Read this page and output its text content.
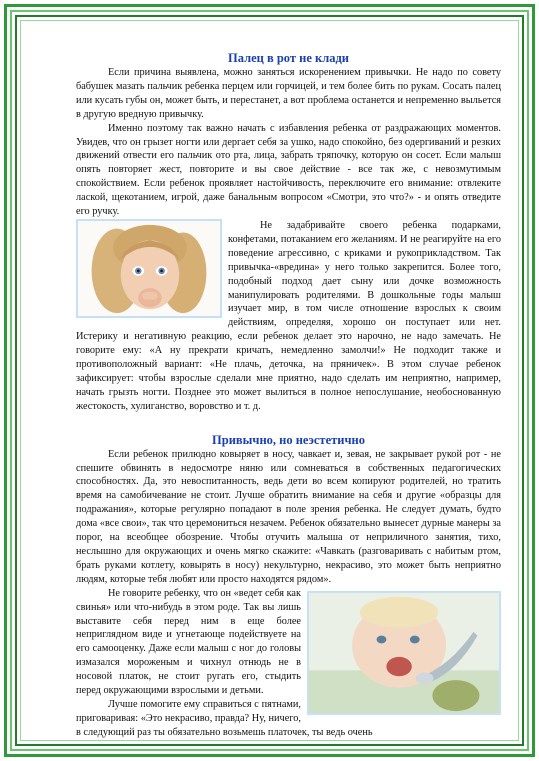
Палец в рот не клади

Если причина выявлена, можно заняться искоренением привычки. Не надо по совету бабушек мазать пальчик ребенка перцем или горчицей, и тем более бить по рукам. Сосать палец или кусать губы он, может быть, и перестанет, а вот проблема останется и непременно выльется в другую вредную привычку.

Именно поэтому так важно начать с избавления ребенка от раздражающих моментов. Увидев, что он грызет ногти или дергает себя за ушко, надо спокойно, без одергиваний и резких движений отвести его пальчик ото рта, лица, забрать тряпочку, которую он сосет. Если малыш опять повторяет жест, повторите и вы свое действие - все так же, с невозмутимым спокойствием. Если ребенок проявляет настойчивость, переключите его внимание: отвлеките лаской, щекотанием, игрой, даже банальным вопросом «Смотри, это что?» - и опять отведите его ручку.

Не задабривайте своего ребенка подарками, конфетами, потаканием его желаниям. И не реагируйте на его поведение агрессивно, с криками и рукоприкладством. Так привычка-«вредина» у него только закрепится. Более того, подобный подход дает сыну или дочке возможность манипулировать родителями. В дошкольные годы малыш изучает мир, в том числе отношение взрослых к своим действиям, определяя, хорошо он поступает или нет. Истерику и негативную реакцию, если ребенок делает это нарочно, не надо замечать. Не говорите ему: «А ну прекрати кричать, немедленно замолчи!» Не подходит также и противоположный вариант: «Не плачь, деточка, на пряничек». В этом случае ребенок зафиксирует: чтобы взрослые сделали мне приятно, надо сделать им неприятно, например, начать грызть ногти. Позднее это может вылиться в полное непослушание, необоснованную жестокость, хулиганство, воровство и т. д.

Привычно, но неэстетично

Если ребенок прилюдно ковыряет в носу, чавкает и, зевая, не закрывает рукой рот - не спешите обвинять в недосмотре няню или сомневаться в собственных педагогических способностях. Да, это невоспитанность, ведь дети во всем копируют родителей, но тратить время на самобичевание не стоит. Лучше обратить внимание на себя и другие «образцы для подражания», которые регулярно попадают в поле зрения ребенка. Не следует думать, будто дома «все свои», так что церемониться незачем. Ребенок обязательно вынесет дурные манеры за порог, на всеобщее обозрение. Чтобы отучить малыша от неприличного занятия, тихо, неслышно для окружающих и очень мягко скажите: «Чавкать (разговаривать с набитым ртом, брать руками котлету, ковырять в носу) некультурно, некрасиво, это может быть неприятно людям, которые тебя любят или просто находятся рядом».

Не говорите ребенку, что он «ведет себя как свинья» или что-нибудь в этом роде. Так вы лишь выставите себя перед ним в еще более неприглядном виде и угнетающе подействуете на его самооценку. Даже если малыш с ног до головы измазался мороженым и чихнул отнюдь не в носовой платок, не стоит ругать его, стыдить перед окружающими взрослыми и детьми.

Лучше помогите ему справиться с пятнами, приговаривая: «Это некрасиво, правда? Ну, ничего, в следующий раз ты обязательно возьмешь платочек, ты ведь очень
